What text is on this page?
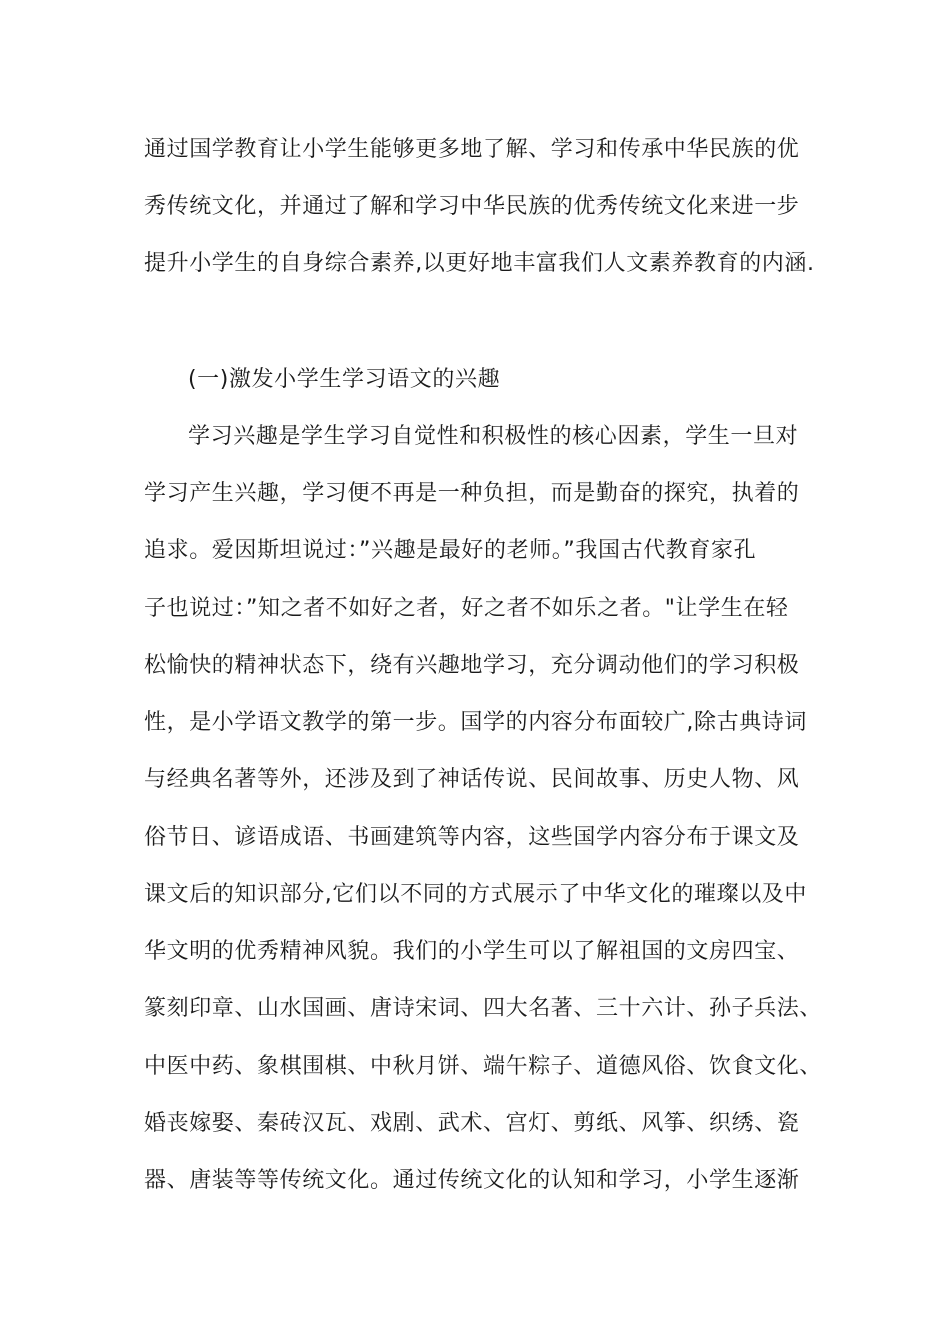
通过国学教育让小学生能够更多地了解、学习和传承中华民族的优
秀传统文化，并通过了解和学习中华民族的优秀传统文化来进一步
提升小学生的自身综合素养,以更好地丰富我们人文素养教育的内涵.
(一)激发小学生学习语文的兴趣
学习兴趣是学生学习自觉性和积极性的核心因素，学生一旦对
学习产生兴趣，学习便不再是一种负担，而是勤奋的探究，执着的
追求。爱因斯坦说过：”兴趣是最好的老师。”我国古代教育家孔
子也说过：”知之者不如好之者，好之者不如乐之者。"让学生在轻
松愉快的精神状态下，绕有兴趣地学习，充分调动他们的学习积极
性，是小学语文教学的第一步。国学的内容分布面较广,除古典诗词
与经典名著等外，还涉及到了神话传说、民间故事、历史人物、风
俗节日、谚语成语、书画建筑等内容，这些国学内容分布于课文及
课文后的知识部分,它们以不同的方式展示了中华文化的璀璨以及中
华文明的优秀精神风貌。我们的小学生可以了解祖国的文房四宝、
篆刻印章、山水国画、唐诗宋词、四大名著、三十六计、孙子兵法、
中医中药、象棋围棋、中秋月饼、端午粽子、道德风俗、饮食文化、
婚丧嫁娶、秦砖汉瓦、戏剧、武术、宫灯、剪纸、风筝、织绣、瓷
器、唐装等等传统文化。通过传统文化的认知和学习，小学生逐渐
